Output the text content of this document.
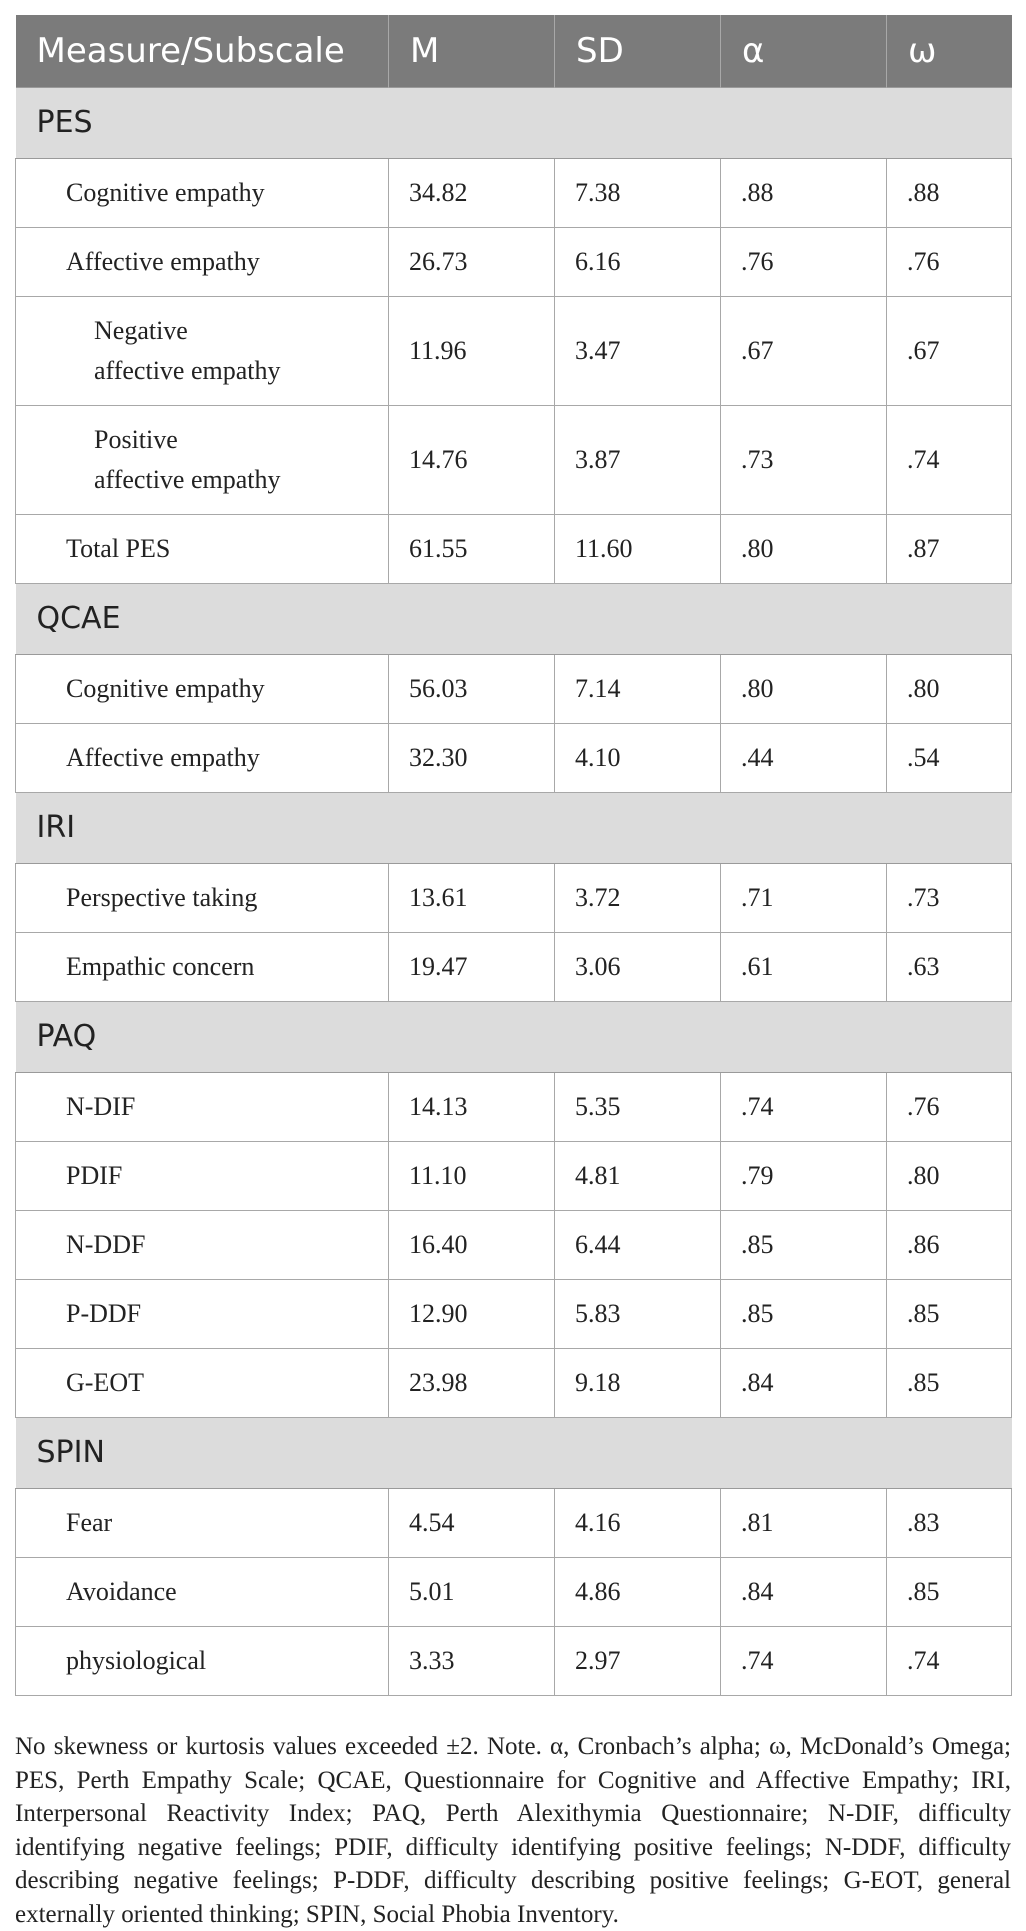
Measure/Subscale	M	SD	α	ω
PES				
Cognitive empathy	34.82	7.38	.88	.88
Affective empathy	26.73	6.16	.76	.76
Negative
affective empathy	11.96	3.47	.67	.67
Positive
affective empathy	14.76	3.87	.73	.74
Total PES	61.55	11.60	.80	.87
QCAE				
Cognitive empathy	56.03	7.14	.80	.80
Affective empathy	32.30	4.10	.44	.54
IRI				
Perspective taking	13.61	3.72	.71	.73
Empathic concern	19.47	3.06	.61	.63
PAQ				
N-DIF	14.13	5.35	.74	.76
PDIF	11.10	4.81	.79	.80
N-DDF	16.40	6.44	.85	.86
P-DDF	12.90	5.83	.85	.85
G-EOT	23.98	9.18	.84	.85
SPIN				
Fear	4.54	4.16	.81	.83
Avoidance	5.01	4.86	.84	.85
physiological	3.33	2.97	.74	.74

No skewness or kurtosis values exceeded ±2. Note. α, Cronbach’s alpha; ω, McDonald’s Omega; PES, Perth Empathy Scale; QCAE, Questionnaire for Cognitive and Affective Empathy; IRI, Interpersonal Reactivity Index; PAQ, Perth Alexithymia Questionnaire; N-DIF, difficulty identifying negative feelings; PDIF, difficulty identifying positive feelings; N-DDF, difficulty describing negative feelings; P-DDF, difficulty describing positive feelings; G-EOT, general externally oriented thinking; SPIN, Social Phobia Inventory.
